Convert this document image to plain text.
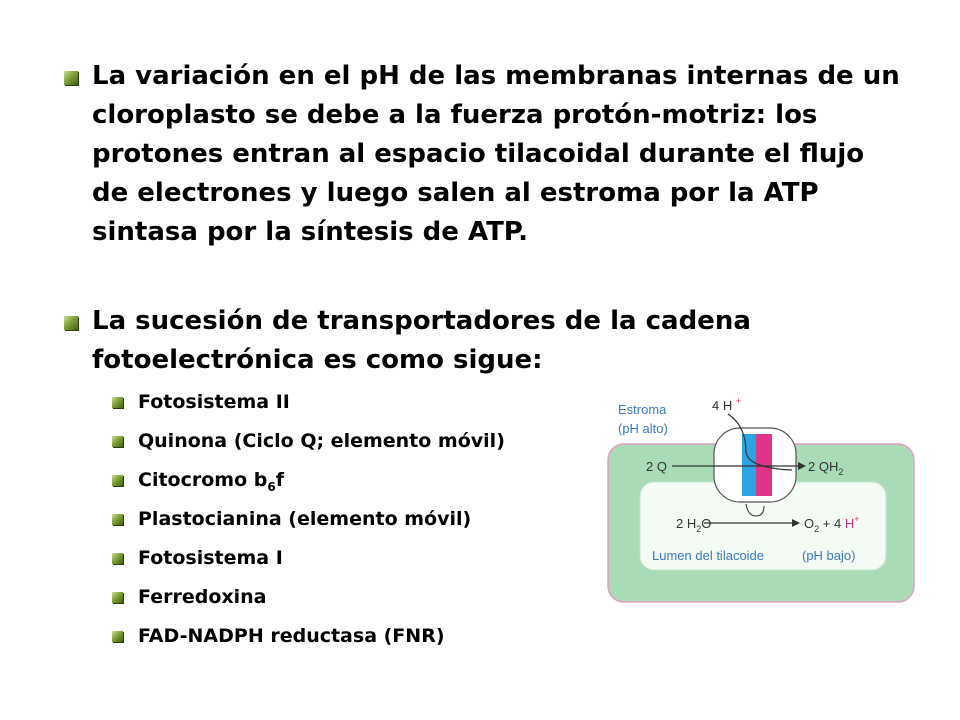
La variación en el pH de las membranas internas de un cloroplasto se debe a la fuerza protón-motriz: los protones entran al espacio tilacoidal durante el flujo de electrones y luego salen al estroma por la ATP sintasa por la síntesis de ATP.
La sucesión de transportadores de la cadena fotoelectrónica es como sigue:
Fotosistema II
Quinona (Ciclo Q; elemento móvil)
Citocromo $b_6f$
Plastocianina (elemento móvil)
Fotosistema I
Ferredoxina
FAD-NADPH reductasa (FNR)
Estroma
(pH alto)
4 H +
2 Q	2 $QH_2$
2 $H_2O$	$O_2 + 4$ H+
Lumen del tilacoide	(pH bajo)
